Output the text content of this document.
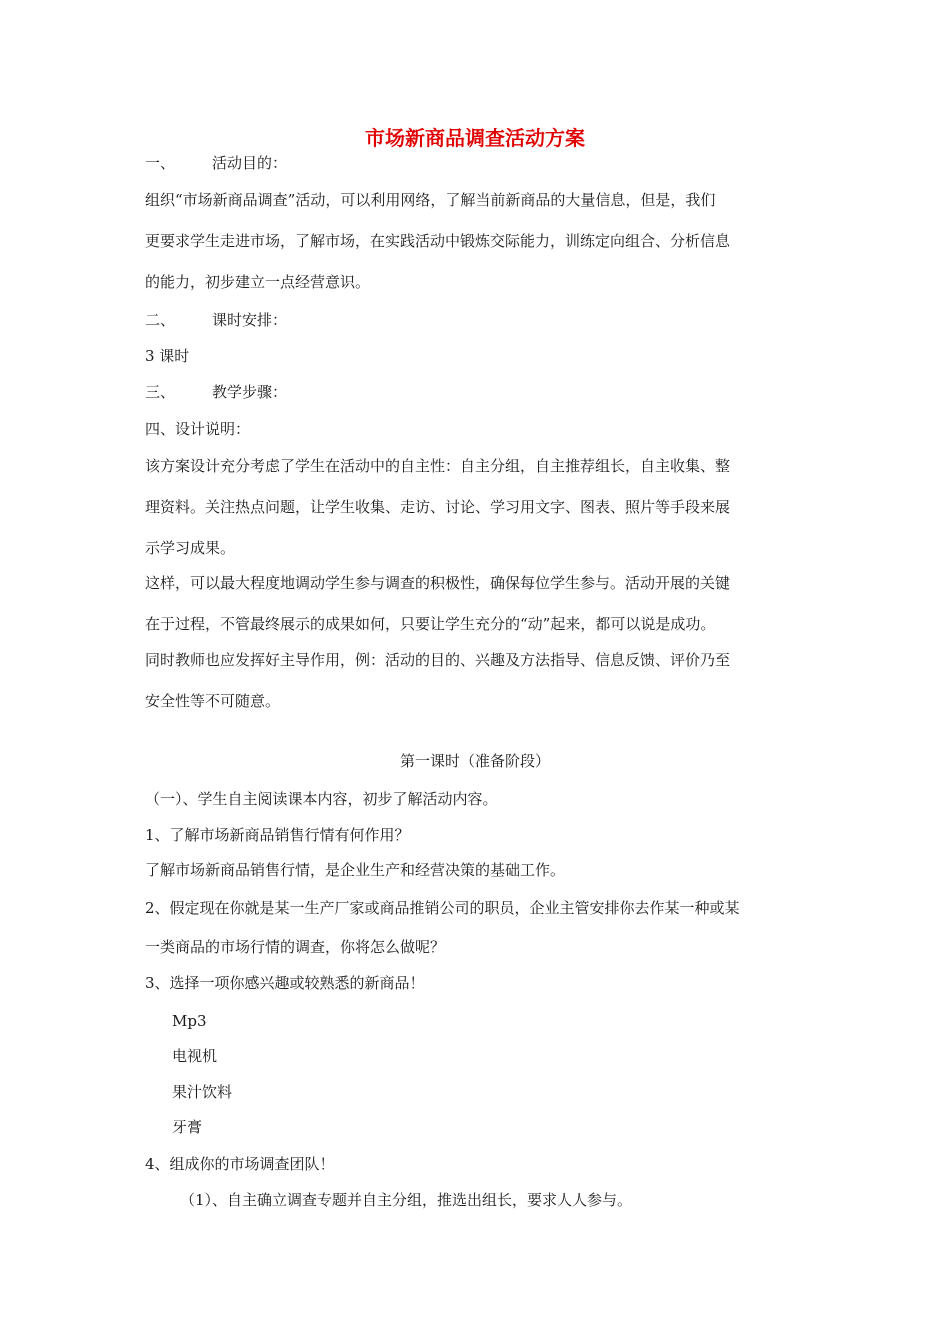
市场新商品调查活动方案
一、 活动目的：
组织“市场新商品调查”活动，可以利用网络，了解当前新商品的大量信息，但是，我们
更要求学生走进市场，了解市场，在实践活动中锻炼交际能力，训练定向组合、分析信息
的能力，初步建立一点经营意识。
二、 课时安排：
3 课时
三、 教学步骤：
四、设计说明：
该方案设计充分考虑了学生在活动中的自主性：自主分组，自主推荐组长，自主收集、整
理资料。关注热点问题，让学生收集、走访、讨论、学习用文字、图表、照片等手段来展
示学习成果。
这样，可以最大程度地调动学生参与调查的积极性，确保每位学生参与。活动开展的关键
在于过程，不管最终展示的成果如何，只要让学生充分的“动”起来，都可以说是成功。
同时教师也应发挥好主导作用，例：活动的目的、兴趣及方法指导、信息反馈、评价乃至
安全性等不可随意。
第一课时（准备阶段）
（一）、学生自主阅读课本内容，初步了解活动内容。
1、了解市场新商品销售行情有何作用？
了解市场新商品销售行情，是企业生产和经营决策的基础工作。
2、假定现在你就是某一生产厂家或商品推销公司的职员，企业主管安排你去作某一种或某
一类商品的市场行情的调查，你将怎么做呢？
3、选择一项你感兴趣或较熟悉的新商品！
Mp3
电视机
果汁饮料
牙膏
4、组成你的市场调查团队！
（1）、自主确立调查专题并自主分组，推选出组长，要求人人参与。
